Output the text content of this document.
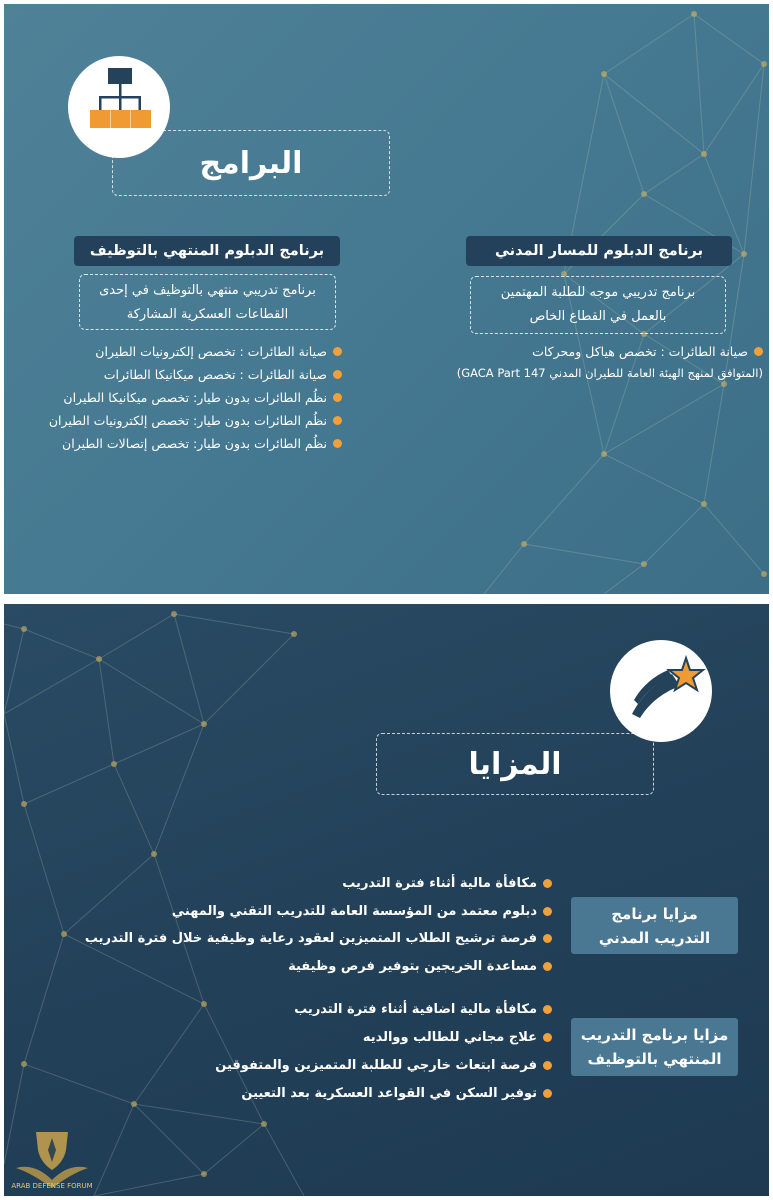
البرامج
برنامج الدبلوم للمسار المدني
برنامج تدريبي موجه للطلبة المهتمين
بالعمل في القطاع الخاص
صيانة الطائرات : تخصص هياكل ومحركات
(المتوافق لمنهج الهيئة العامة للطيران المدني GACA Part 147)
برنامج الدبلوم المنتهي بالتوظيف
برنامج تدريبي منتهي بالتوظيف في إحدى
القطاعات العسكرية المشاركة
صيانة الطائرات : تخصص إلكترونيات الطيران
صيانة الطائرات : تخصص ميكانيكا الطائرات
نظُم الطائرات بدون طيار: تخصص ميكانيكا الطيران
نظُم الطائرات بدون طيار: تخصص إلكترونيات الطيران
نظُم الطائرات بدون طيار: تخصص إتصالات الطيران
المزايا
مزايا برنامج
التدريب المدني
مكافأة مالية أثناء فترة التدريب
دبلوم معتمد من المؤسسة العامة للتدريب التقني والمهني
فرصة ترشيح الطلاب المتميزين لعقود رعاية وظيفية خلال فترة التدريب
مساعدة الخريجين بتوفير فرص وظيفية
مزايا برنامج التدريب
المنتهي بالتوظيف
مكافأة مالية اضافية أثناء فترة التدريب
علاج مجاني للطالب ووالديه
فرصة ابتعاث خارجي للطلبة المتميزين والمتفوقين
توفير السكن في القواعد العسكرية بعد التعيين
ARAB DEFENSE FORUM
